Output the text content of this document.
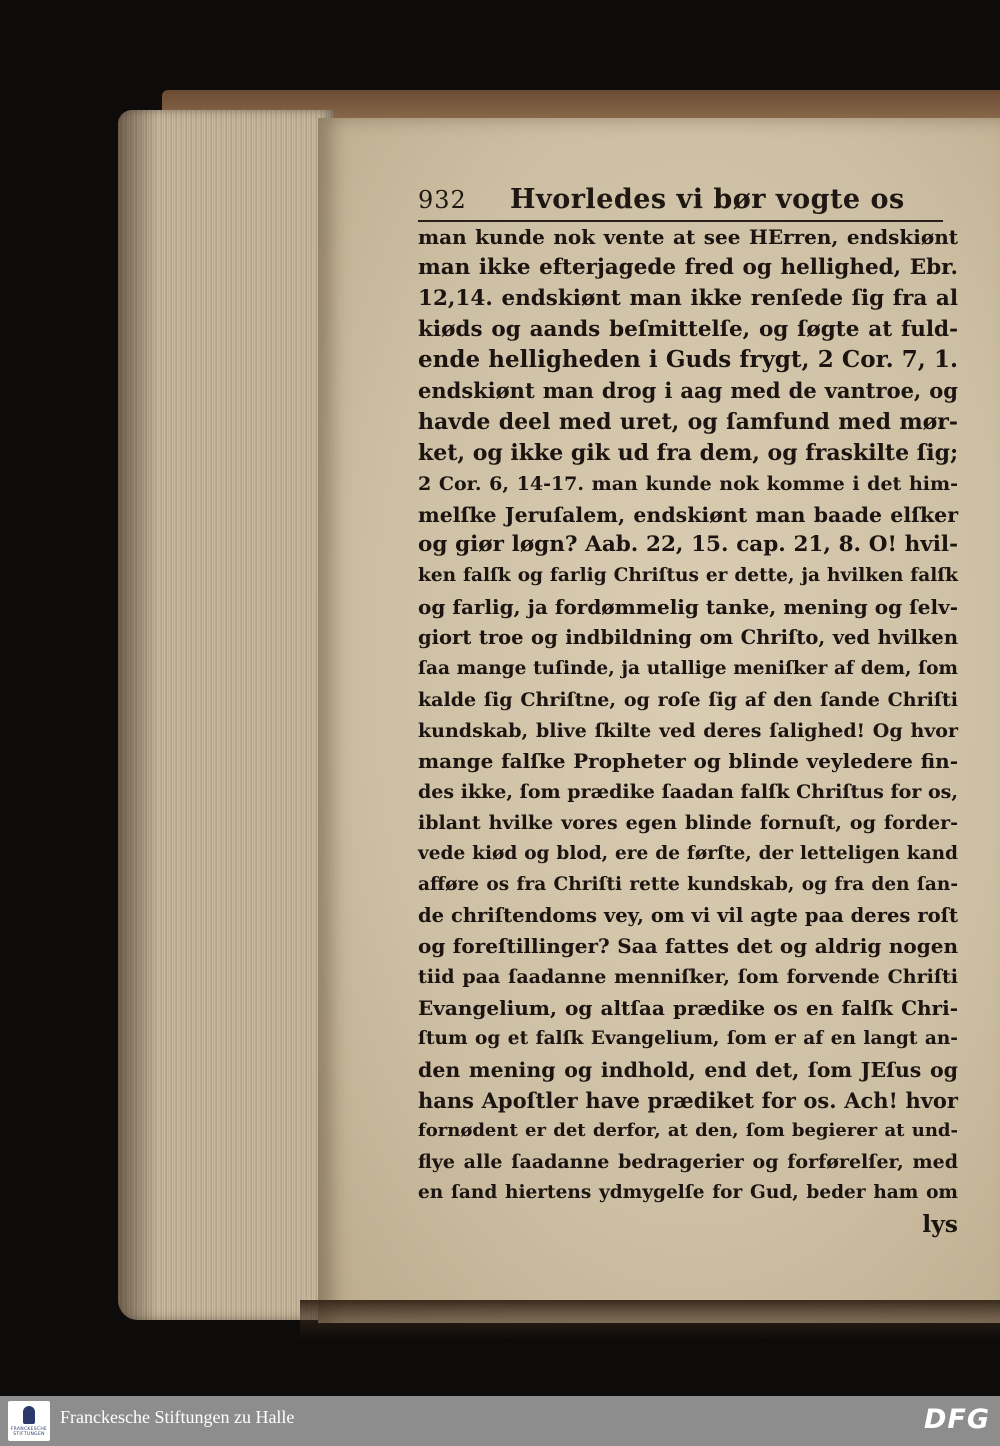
932 Hvorledes vi bør vogte os
man kunde nok vente at see HErren, endskiønt
man ikke efterjagede fred og hellighed, Ebr.
12,14. endskiønt man ikke renſede ſig fra al
kiøds og aands beſmittelſe, og ſøgte at fuld-
ende helligheden i Guds frygt, 2 Cor. 7, 1.
endskiønt man drog i aag med de vantroe, og
havde deel med uret, og ſamfund med mør-
ket, og ikke gik ud fra dem, og fraskilte ſig;
2 Cor. 6, 14-17. man kunde nok komme i det him-
melſke Jeruſalem, endskiønt man baade elſker
og giør løgn? Aab. 22, 15. cap. 21, 8. O! hvil-
ken falſk og farlig Chriſtus er dette, ja hvilken falſk
og farlig, ja fordømmelig tanke, mening og ſelv-
giort troe og indbildning om Chriſto, ved hvilken
ſaa mange tuſinde, ja utallige meniſker af dem, ſom
kalde ſig Chriſtne, og roſe ſig af den ſande Chriſti
kundskab, blive ſkilte ved deres ſalighed! Og hvor
mange falſke Propheter og blinde veyledere fin-
des ikke, ſom prædike ſaadan falſk Chriſtus for os,
iblant hvilke vores egen blinde fornuſt, og forder-
vede kiød og blod, ere de førſte, der letteligen kand
afføre os fra Chriſti rette kundskab, og fra den ſan-
de chriſtendoms vey, om vi vil agte paa deres roſt
og foreſtillinger? Saa fattes det og aldrig nogen
tiid paa ſaadanne menniſker, ſom forvende Chriſti
Evangelium, og altſaa prædike os en falſk Chri-
ſtum og et falſk Evangelium, ſom er af en langt an-
den mening og indhold, end det, ſom JEſus og
hans Apoſtler have prædiket for os. Ach! hvor
fornødent er det derfor, at den, ſom begierer at und-
flye alle ſaadanne bedragerier og forførelſer, med
en ſand hiertens ydmygelſe for Gud, beder ham om
lys
FRANCKESCHE STIFTUNGEN
Franckesche Stiftungen zu Halle	DFG
